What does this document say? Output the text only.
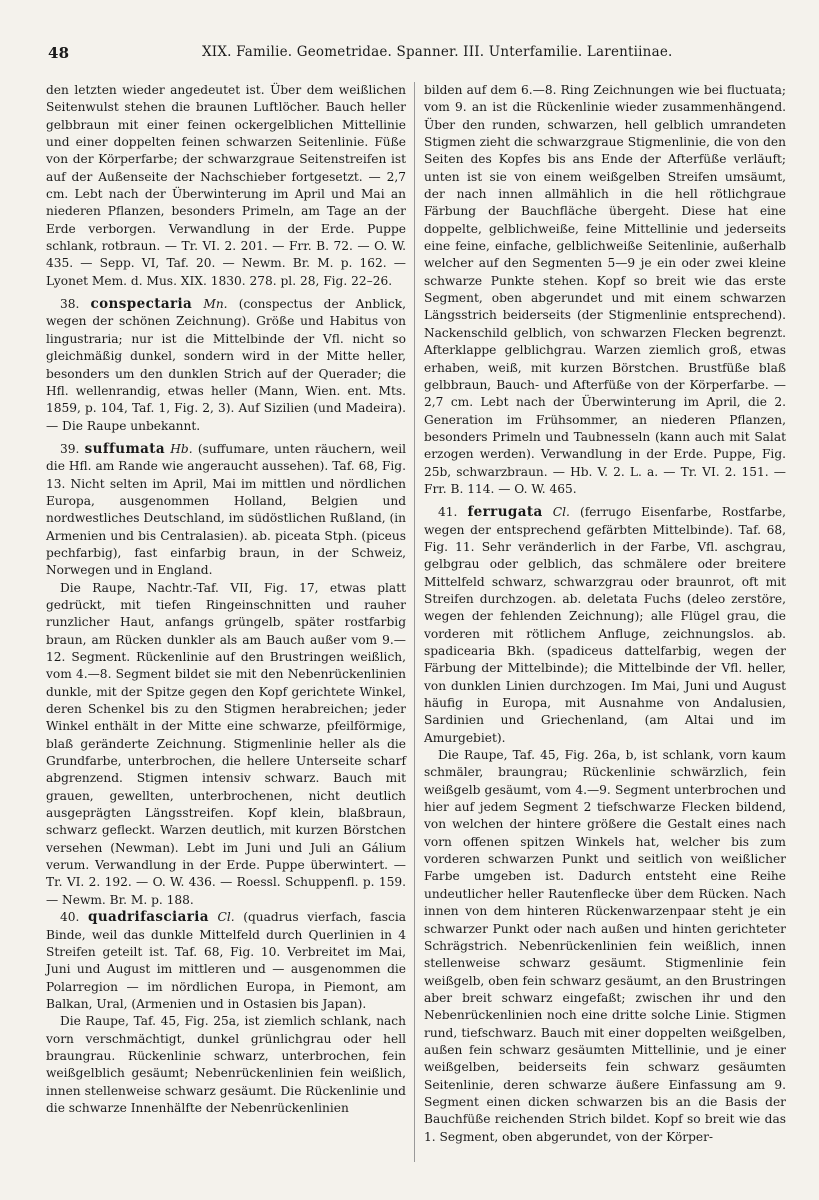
48	XIX. Familie. Geometridae. Spanner. III. Unterfamilie. Larentiinae.

den letzten wieder angedeutet ist. Über dem weißlichen Seitenwulst stehen die braunen Luftlöcher. Bauch heller gelbbraun mit einer feinen ockergelblichen Mittellinie und einer doppelten feinen schwarzen Seitenlinie. Füße von der Körperfarbe; der schwarzgraue Seitenstreifen ist auf der Außenseite der Nachschieber fortgesetzt. — 2,7 cm. Lebt nach der Überwinterung im April und Mai an niederen Pflanzen, besonders Primeln, am Tage an der Erde verborgen. Verwandlung in der Erde. Puppe schlank, rotbraun. — Tr. VI. 2. 201. — Frr. B. 72. — O. W. 435. — Sepp. VI, Taf. 20. — Newm. Br. M. p. 162. — Lyonet Mem. d. Mus. XIX. 1830. 278. pl. 28, Fig. 22–26.

38. conspectaria Mn. (conspectus der Anblick, wegen der schönen Zeichnung). Größe und Habitus von lingustraria; nur ist die Mittelbinde der Vfl. nicht so gleichmäßig dunkel, sondern wird in der Mitte heller, besonders um den dunklen Strich auf der Querader; die Hfl. wellenrandig, etwas heller (Mann, Wien. ent. Mts. 1859, p. 104, Taf. 1, Fig. 2, 3). Auf Sizilien (und Madeira). — Die Raupe unbekannt.

39. suffumata Hb. (suffumare, unten räuchern, weil die Hfl. am Rande wie angeraucht aussehen). Taf. 68, Fig. 13. Nicht selten im April, Mai im mittlen und nördlichen Europa, ausgenommen Holland, Belgien und nordwestliches Deutschland, im südöstlichen Rußland, (in Armenien und bis Centralasien). ab. piceata Stph. (piceus pechfarbig), fast einfarbig braun, in der Schweiz, Norwegen und in England.

Die Raupe, Nachtr.-Taf. VII, Fig. 17, etwas platt gedrückt, mit tiefen Ringeinschnitten und rauher runzlicher Haut, anfangs grüngelb, später rostfarbig braun, am Rücken dunkler als am Bauch außer vom 9.—12. Segment. Rückenlinie auf den Brustringen weißlich, vom 4.—8. Segment bildet sie mit den Nebenrückenlinien dunkle, mit der Spitze gegen den Kopf gerichtete Winkel, deren Schenkel bis zu den Stigmen herabreichen; jeder Winkel enthält in der Mitte eine schwarze, pfeilförmige, blaß geränderte Zeichnung. Stigmenlinie heller als die Grundfarbe, unterbrochen, die hellere Unterseite scharf abgrenzend. Stigmen intensiv schwarz. Bauch mit grauen, gewellten, unterbrochenen, nicht deutlich ausgeprägten Längsstreifen. Kopf klein, blaßbraun, schwarz gefleckt. Warzen deutlich, mit kurzen Börstchen versehen (Newman). Lebt im Juni und Juli an Gálium verum. Verwandlung in der Erde. Puppe überwintert. — Tr. VI. 2. 192. — O. W. 436. — Roessl. Schuppenfl. p. 159. — Newm. Br. M. p. 188.

40. quadrifasciaria Cl. (quadrus vierfach, fascia Binde, weil das dunkle Mittelfeld durch Querlinien in 4 Streifen geteilt ist. Taf. 68, Fig. 10. Verbreitet im Mai, Juni und August im mittleren und — ausgenommen die Polarregion — im nördlichen Europa, in Piemont, am Balkan, Ural, (Armenien und in Ostasien bis Japan).

Die Raupe, Taf. 45, Fig. 25a, ist ziemlich schlank, nach vorn verschmächtigt, dunkel grünlichgrau oder hell braungrau. Rückenlinie schwarz, unterbrochen, fein weißgelblich gesäumt; Nebenrückenlinien fein weißlich, innen stellenweise schwarz gesäumt. Die Rückenlinie und die schwarze Innenhälfte der Nebenrückenlinien

bilden auf dem 6.—8. Ring Zeichnungen wie bei fluctuata; vom 9. an ist die Rückenlinie wieder zusammenhängend. Über den runden, schwarzen, hell gelblich umrandeten Stigmen zieht die schwarzgraue Stigmenlinie, die von den Seiten des Kopfes bis ans Ende der Afterfüße verläuft; unten ist sie von einem weißgelben Streifen umsäumt, der nach innen allmählich in die hell rötlichgraue Färbung der Bauchfläche übergeht. Diese hat eine doppelte, gelblichweiße, feine Mittellinie und jederseits eine feine, einfache, gelblichweiße Seitenlinie, außerhalb welcher auf den Segmenten 5—9 je ein oder zwei kleine schwarze Punkte stehen. Kopf so breit wie das erste Segment, oben abgerundet und mit einem schwarzen Längsstrich beiderseits (der Stigmenlinie entsprechend). Nackenschild gelblich, von schwarzen Flecken begrenzt. Afterklappe gelblichgrau. Warzen ziemlich groß, etwas erhaben, weiß, mit kurzen Börstchen. Brustfüße blaß gelbbraun, Bauch- und Afterfüße von der Körperfarbe. — 2,7 cm. Lebt nach der Überwinterung im April, die 2. Generation im Frühsommer, an niederen Pflanzen, besonders Primeln und Taubnesseln (kann auch mit Salat erzogen werden). Verwandlung in der Erde. Puppe, Fig. 25b, schwarzbraun. — Hb. V. 2. L. a. — Tr. VI. 2. 151. — Frr. B. 114. — O. W. 465.

41. ferrugata Cl. (ferrugo Eisenfarbe, Rostfarbe, wegen der entsprechend gefärbten Mittelbinde). Taf. 68, Fig. 11. Sehr veränderlich in der Farbe, Vfl. aschgrau, gelbgrau oder gelblich, das schmälere oder breitere Mittelfeld schwarz, schwarzgrau oder braunrot, oft mit Streifen durchzogen. ab. deletata Fuchs (deleo zerstöre, wegen der fehlenden Zeichnung); alle Flügel grau, die vorderen mit rötlichem Anfluge, zeichnungslos. ab. spadicearia Bkh. (spadiceus dattelfarbig, wegen der Färbung der Mittelbinde); die Mittelbinde der Vfl. heller, von dunklen Linien durchzogen. Im Mai, Juni und August häufig in Europa, mit Ausnahme von Andalusien, Sardinien und Griechenland, (am Altai und im Amurgebiet).

Die Raupe, Taf. 45, Fig. 26a, b, ist schlank, vorn kaum schmäler, braungrau; Rückenlinie schwärzlich, fein weißgelb gesäumt, vom 4.—9. Segment unterbrochen und hier auf jedem Segment 2 tiefschwarze Flecken bildend, von welchen der hintere größere die Gestalt eines nach vorn offenen spitzen Winkels hat, welcher bis zum vorderen schwarzen Punkt und seitlich von weißlicher Farbe umgeben ist. Dadurch entsteht eine Reihe undeutlicher heller Rautenflecke über dem Rücken. Nach innen von dem hinteren Rückenwarzenpaar steht je ein schwarzer Punkt oder nach außen und hinten gerichteter Schrägstrich. Nebenrückenlinien fein weißlich, innen stellenweise schwarz gesäumt. Stigmenlinie fein weißgelb, oben fein schwarz gesäumt, an den Brustringen aber breit schwarz eingefaßt; zwischen ihr und den Nebenrückenlinien noch eine dritte solche Linie. Stigmen rund, tiefschwarz. Bauch mit einer doppelten weißgelben, außen fein schwarz gesäumten Mittellinie, und je einer weißgelben, beiderseits fein schwarz gesäumten Seitenlinie, deren schwarze äußere Einfassung am 9. Segment einen dicken schwarzen bis an die Basis der Bauchfüße reichenden Strich bildet. Kopf so breit wie das 1. Segment, oben abgerundet, von der Körper-
